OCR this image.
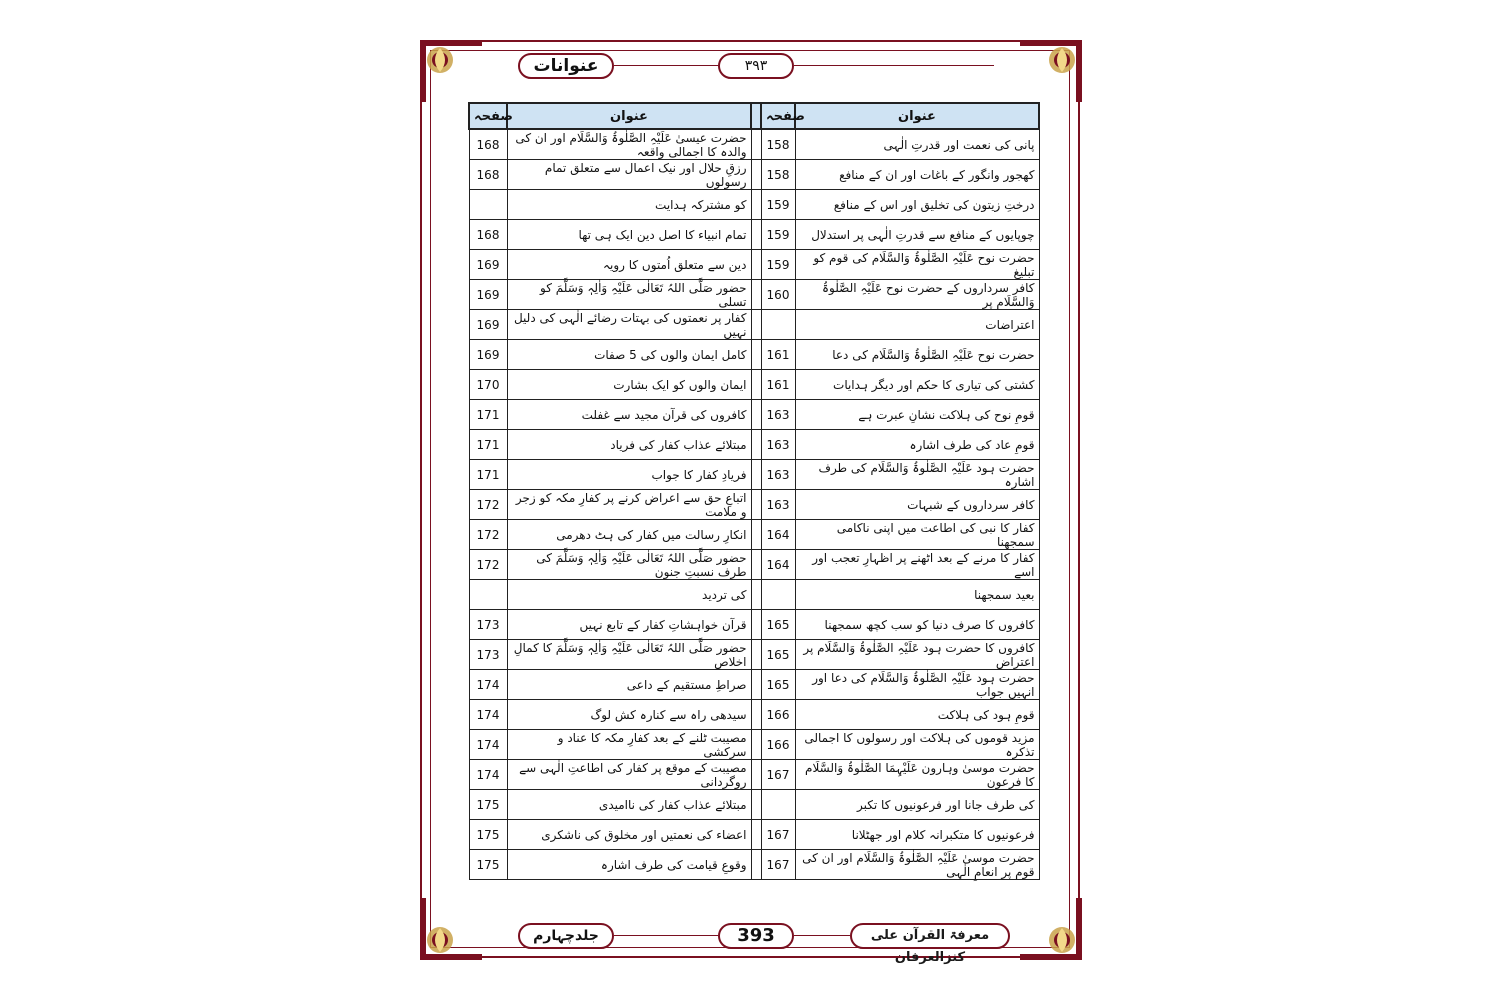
عنوانات	۳۹۳
صفحہ	عنوان		صفحہ	عنوان
168	حضرت عیسیٰ عَلَیْہِ الصَّلٰوۃُ وَالسَّلَام اور ان کی والدہ کا اجمالی واقعہ		158	پانی کی نعمت اور قدرتِ الٰہی
168	رزقِ حلال اور نیک اعمال سے متعلق تمام رسولوں		158	کھجور وانگور کے باغات اور ان کے منافع
	کو مشترکہ ہدایت		159	درختِ زیتون کی تخلیق اور اس کے منافع
168	تمام انبیاء کا اصل دین ایک ہی تھا		159	چوپایوں کے منافع سے قدرتِ الٰہی پر استدلال
169	دین سے متعلق اُمتوں کا رویہ		159	حضرت نوح عَلَیْہِ الصَّلٰوۃُ وَالسَّلَام کی قوم کو تبلیغ
169	حضور صَلَّی اللہُ تَعَالٰی عَلَیْہِ وَاٰلِہٖ وَسَلَّمَ کو تسلی		160	کافر سرداروں کے حضرت نوح عَلَیْہِ الصَّلٰوۃُ وَالسَّلَام پر
169	کفار پر نعمتوں کی بہتات رضائے الٰہی کی دلیل نہیں			اعتراضات
169	کامل ایمان والوں کی 5 صفات		161	حضرت نوح عَلَیْہِ الصَّلٰوۃُ وَالسَّلَام کی دعا
170	ایمان والوں کو ایک بشارت		161	کشتی کی تیاری کا حکم اور دیگر ہدایات
171	کافروں کی قرآن مجید سے غفلت		163	قومِ نوح کی ہلاکت نشانِ عبرت ہے
171	مبتلائے عذاب کفار کی فریاد		163	قومِ عاد کی طرف اشارہ
171	فریادِ کفار کا جواب		163	حضرت ہود عَلَیْہِ الصَّلٰوۃُ وَالسَّلَام کی طرف اشارہ
172	اتباعِ حق سے اعراض کرنے پر کفارِ مکہ کو زجر و ملامت		163	کافر سرداروں کے شبہات
172	انکارِ رسالت میں کفار کی ہٹ دھرمی		164	کفار کا نبی کی اطاعت میں اپنی ناکامی سمجھنا
172	حضور صَلَّی اللہُ تَعَالٰی عَلَیْہِ وَاٰلِہٖ وَسَلَّمَ کی طرف نسبتِ جنون		164	کفار کا مرنے کے بعد اٹھنے پر اظہارِ تعجب اور اسے
	کی تردید			بعید سمجھنا
173	قرآن خواہشاتِ کفار کے تابع نہیں		165	کافروں کا صرف دنیا کو سب کچھ سمجھنا
173	حضور صَلَّی اللہُ تَعَالٰی عَلَیْہِ وَاٰلِہٖ وَسَلَّمَ کا کمالِ اخلاص		165	کافروں کا حضرت ہود عَلَیْہِ الصَّلٰوۃُ وَالسَّلَام پر اعتراض
174	صراطِ مستقیم کے داعی		165	حضرت ہود عَلَیْہِ الصَّلٰوۃُ وَالسَّلَام کی دعا اور انہیں جواب
174	سیدھی راہ سے کنارہ کش لوگ		166	قومِ ہود کی ہلاکت
174	مصیبت ٹلنے کے بعد کفارِ مکہ کا عناد و سرکشی		166	مزید قوموں کی ہلاکت اور رسولوں کا اجمالی تذکرہ
174	مصیبت کے موقع پر کفار کی اطاعتِ الٰہی سے روگردانی		167	حضرت موسیٰ وہارون عَلَیْہِمَا الصَّلٰوۃُ وَالسَّلَام کا فرعون
175	مبتلائے عذاب کفار کی ناامیدی			کی طرف جانا اور فرعونیوں کا تکبر
175	اعضاء کی نعمتیں اور مخلوق کی ناشکری		167	فرعونیوں کا متکبرانہ کلام اور جھٹلانا
175	وقوعِ قیامت کی طرف اشارہ		167	حضرت موسیٰ عَلَیْہِ الصَّلٰوۃُ وَالسَّلَام اور ان کی قوم پر انعامِ الٰہی
جلدچہارم	393	معرفۃ القرآن علی کنزالعرفان
